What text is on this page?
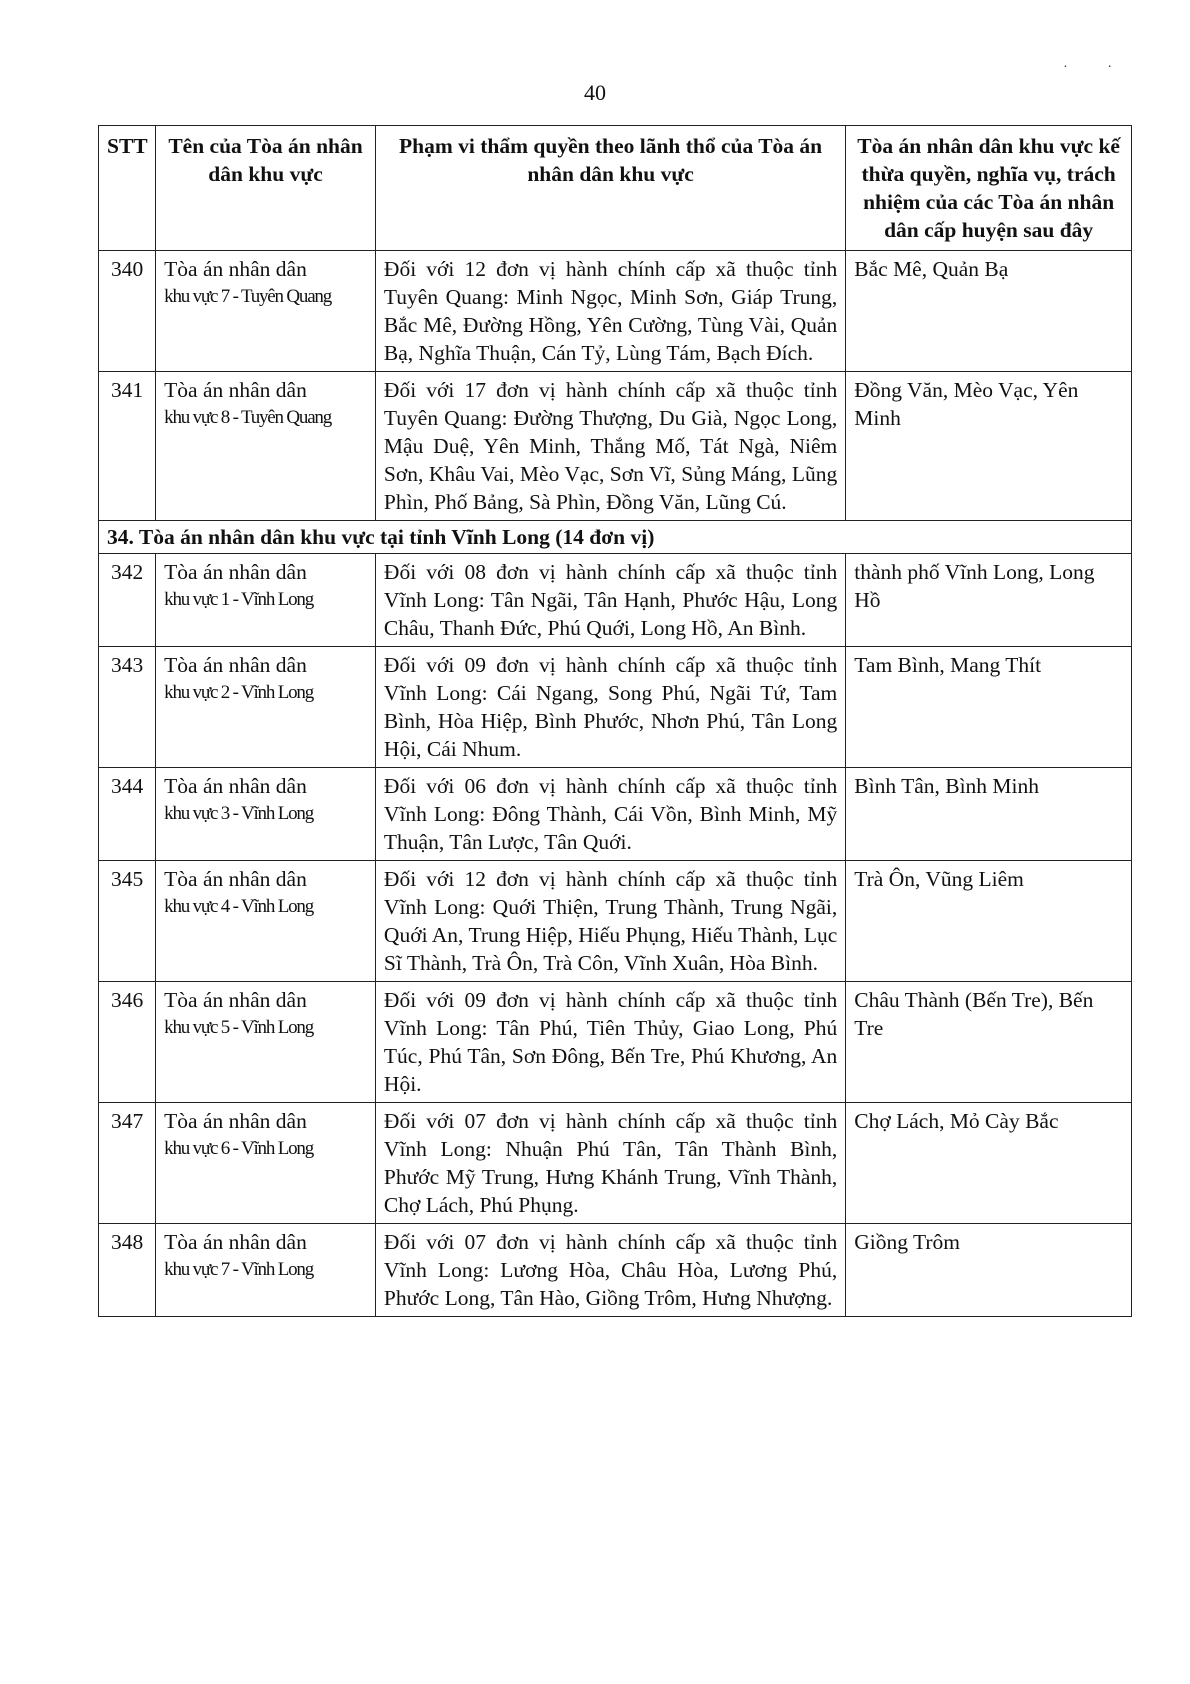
· ·
40
STT	Tên của Tòa án nhân dân khu vực	Phạm vi thẩm quyền theo lãnh thổ của Tòa án nhân dân khu vực	Tòa án nhân dân khu vực kế thừa quyền, nghĩa vụ, trách nhiệm của các Tòa án nhân dân cấp huyện sau đây
340	Tòa án nhân dân
khu vực 7 - Tuyên Quang	Đối với 12 đơn vị hành chính cấp xã thuộc tỉnh Tuyên Quang: Minh Ngọc, Minh Sơn, Giáp Trung, Bắc Mê, Đường Hồng, Yên Cường, Tùng Vài, Quản Bạ, Nghĩa Thuận, Cán Tỷ, Lùng Tám, Bạch Đích.	Bắc Mê, Quản Bạ
341	Tòa án nhân dân
khu vực 8 - Tuyên Quang	Đối với 17 đơn vị hành chính cấp xã thuộc tỉnh Tuyên Quang: Đường Thượng, Du Già, Ngọc Long, Mậu Duệ, Yên Minh, Thắng Mố, Tát Ngà, Niêm Sơn, Khâu Vai, Mèo Vạc, Sơn Vĩ, Sủng Máng, Lũng Phìn, Phố Bảng, Sà Phìn, Đồng Văn, Lũng Cú.	Đồng Văn, Mèo Vạc, Yên Minh
34. Tòa án nhân dân khu vực tại tỉnh Vĩnh Long (14 đơn vị)			
342	Tòa án nhân dân
khu vực 1 - Vĩnh Long	Đối với 08 đơn vị hành chính cấp xã thuộc tỉnh Vĩnh Long: Tân Ngãi, Tân Hạnh, Phước Hậu, Long Châu, Thanh Đức, Phú Quới, Long Hồ, An Bình.	thành phố Vĩnh Long, Long Hồ
343	Tòa án nhân dân
khu vực 2 - Vĩnh Long	Đối với 09 đơn vị hành chính cấp xã thuộc tỉnh Vĩnh Long: Cái Ngang, Song Phú, Ngãi Tứ, Tam Bình, Hòa Hiệp, Bình Phước, Nhơn Phú, Tân Long Hội, Cái Nhum.	Tam Bình, Mang Thít
344	Tòa án nhân dân
khu vực 3 - Vĩnh Long	Đối với 06 đơn vị hành chính cấp xã thuộc tỉnh Vĩnh Long: Đông Thành, Cái Vồn, Bình Minh, Mỹ Thuận, Tân Lược, Tân Quới.	Bình Tân, Bình Minh
345	Tòa án nhân dân
khu vực 4 - Vĩnh Long	Đối với 12 đơn vị hành chính cấp xã thuộc tỉnh Vĩnh Long: Quới Thiện, Trung Thành, Trung Ngãi, Quới An, Trung Hiệp, Hiếu Phụng, Hiếu Thành, Lục Sĩ Thành, Trà Ôn, Trà Côn, Vĩnh Xuân, Hòa Bình.	Trà Ôn, Vũng Liêm
346	Tòa án nhân dân
khu vực 5 - Vĩnh Long	Đối với 09 đơn vị hành chính cấp xã thuộc tỉnh Vĩnh Long: Tân Phú, Tiên Thủy, Giao Long, Phú Túc, Phú Tân, Sơn Đông, Bến Tre, Phú Khương, An Hội.	Châu Thành (Bến Tre), Bến Tre
347	Tòa án nhân dân
khu vực 6 - Vĩnh Long	Đối với 07 đơn vị hành chính cấp xã thuộc tỉnh Vĩnh Long: Nhuận Phú Tân, Tân Thành Bình, Phước Mỹ Trung, Hưng Khánh Trung, Vĩnh Thành, Chợ Lách, Phú Phụng.	Chợ Lách, Mỏ Cày Bắc
348	Tòa án nhân dân
khu vực 7 - Vĩnh Long	Đối với 07 đơn vị hành chính cấp xã thuộc tỉnh Vĩnh Long: Lương Hòa, Châu Hòa, Lương Phú, Phước Long, Tân Hào, Giồng Trôm, Hưng Nhượng.	Giồng Trôm
